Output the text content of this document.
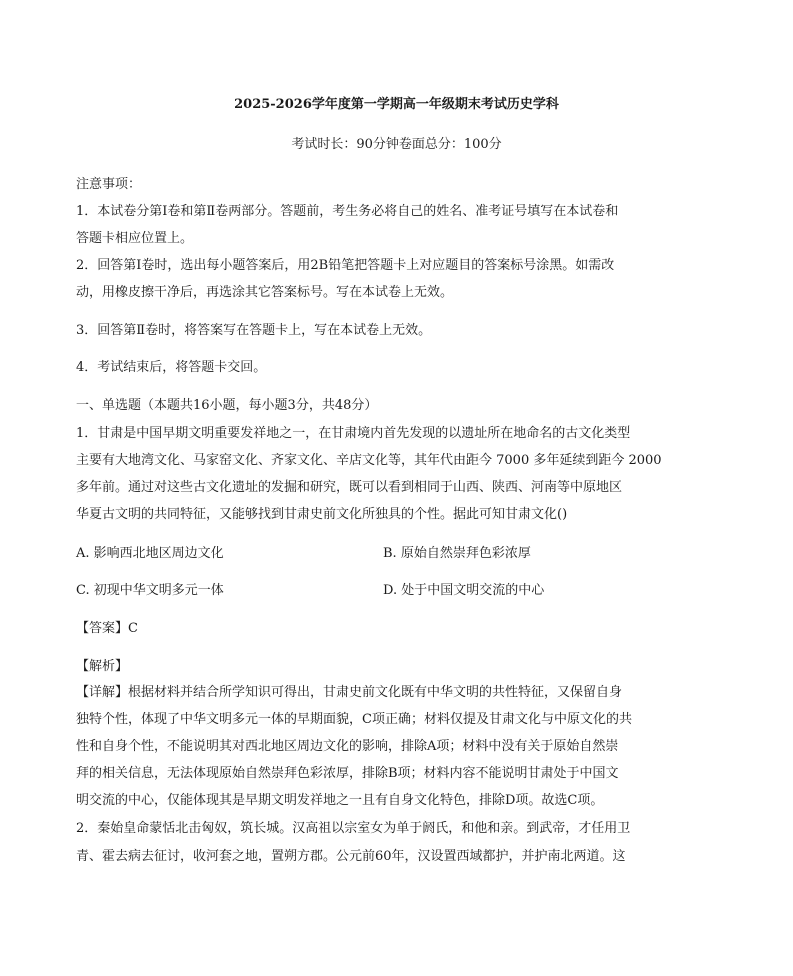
2025-2026学年度第一学期高一年级期末考试历史学科
考试时长：90分钟卷面总分：100分
注意事项：
1．本试卷分第Ⅰ卷和第Ⅱ卷两部分。答题前，考生务必将自己的姓名、准考证号填写在本试卷和
答题卡相应位置上。
2．回答第Ⅰ卷时，选出每小题答案后，用2B铅笔把答题卡上对应题目的答案标号涂黑。如需改
动，用橡皮擦干净后，再选涂其它答案标号。写在本试卷上无效。
3．回答第Ⅱ卷时，将答案写在答题卡上，写在本试卷上无效。
4．考试结束后，将答题卡交回。
一、单选题（本题共16小题，每小题3分，共48分）
1．甘肃是中国早期文明重要发祥地之一，在甘肃境内首先发现的以遗址所在地命名的古文化类型
主要有大地湾文化、马家窑文化、齐家文化、辛店文化等，其年代由距今 7000 多年延续到距今 2000
多年前。通过对这些古文化遗址的发掘和研究，既可以看到相同于山西、陕西、河南等中原地区
华夏古文明的共同特征，又能够找到甘肃史前文化所独具的个性。据此可知甘肃文化()
A. 影响西北地区周边文化	B. 原始自然崇拜色彩浓厚
C. 初现中华文明多元一体	D. 处于中国文明交流的中心
【答案】C
【解析】
【详解】根据材料并结合所学知识可得出，甘肃史前文化既有中华文明的共性特征，又保留自身
独特个性，体现了中华文明多元一体的早期面貌，C项正确；材料仅提及甘肃文化与中原文化的共
性和自身个性，不能说明其对西北地区周边文化的影响，排除A项；材料中没有关于原始自然崇
拜的相关信息，无法体现原始自然崇拜色彩浓厚，排除B项；材料内容不能说明甘肃处于中国文
明交流的中心，仅能体现其是早期文明发祥地之一且有自身文化特色，排除D项。故选C项。
2．秦始皇命蒙恬北击匈奴，筑长城。汉高祖以宗室女为单于阏氏，和他和亲。到武帝，才任用卫
青、霍去病去征讨，收河套之地，置朔方郡。公元前60年，汉设置西域都护，并护南北两道。这
